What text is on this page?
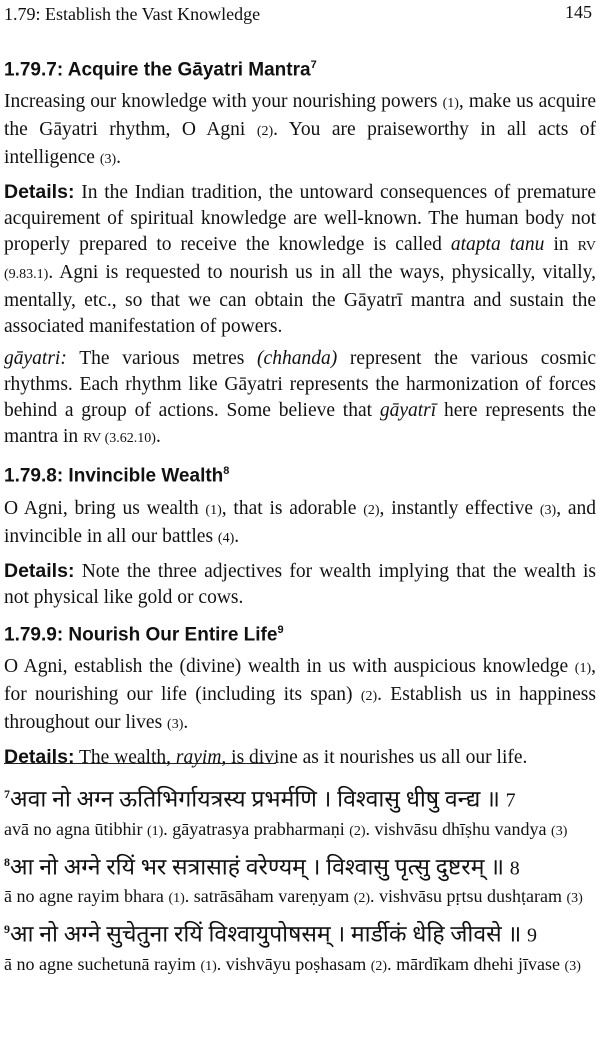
1.79: Establish the Vast Knowledge	145
1.79.7: Acquire the Gāyatri Mantra$^7$

Increasing our knowledge with your nourishing powers (1), make us acquire the Gāyatri rhythm, O Agni (2). You are praiseworthy in all acts of intelligence (3).

Details: In the Indian tradition, the untoward consequences of premature acquirement of spiritual knowledge are well-known. The human body not properly prepared to receive the knowledge is called atapta tanu in RV (9.83.1). Agni is requested to nourish us in all the ways, physically, vitally, mentally, etc., so that we can obtain the Gāyatrī mantra and sustain the associated manifestation of powers.

gāyatri: The various metres (chhanda) represent the various cosmic rhythms. Each rhythm like Gāyatri represents the harmonization of forces behind a group of actions. Some believe that gāyatrī here represents the mantra in RV (3.62.10).

1.79.8: Invincible Wealth$^8$

O Agni, bring us wealth (1), that is adorable (2), instantly effective (3), and invincible in all our battles (4).

Details: Note the three adjectives for wealth implying that the wealth is not physical like gold or cows.

1.79.9: Nourish Our Entire Life$^9$

O Agni, establish the (divine) wealth in us with auspicious knowledge (1), for nourishing our life (including its span) (2). Establish us in happiness throughout our lives (3).

Details: The wealth, rayim, is divine as it nourishes us all our life.

$^7$अवा नो अग्न ऊतिभिर्गायत्रस्य प्रभर्मणि । विश्वासु धीषु वन्द्य ॥ 7

avā no agna ūtibhir (1). gāyatrasya prabharmaṇi (2). vishvāsu dhīṣhu vandya (3)

$^8$आ नो अग्ने रयिं भर सत्रासाहं वरेण्यम् । विश्वासु पृत्सु दुष्टरम् ॥ 8

ā no agne rayim bhara (1). satrāsāham vareṇyam (2). vishvāsu pṛtsu dushṭaram (3)

$^9$आ नो अग्ने सुचेतुना रयिं विश्वायुपोषसम् । मार्डीकं धेहि जीवसे ॥ 9

ā no agne suchetunā rayim (1). vishvāyu poṣhasam (2). mārdīkam dhehi jīvase (3)
